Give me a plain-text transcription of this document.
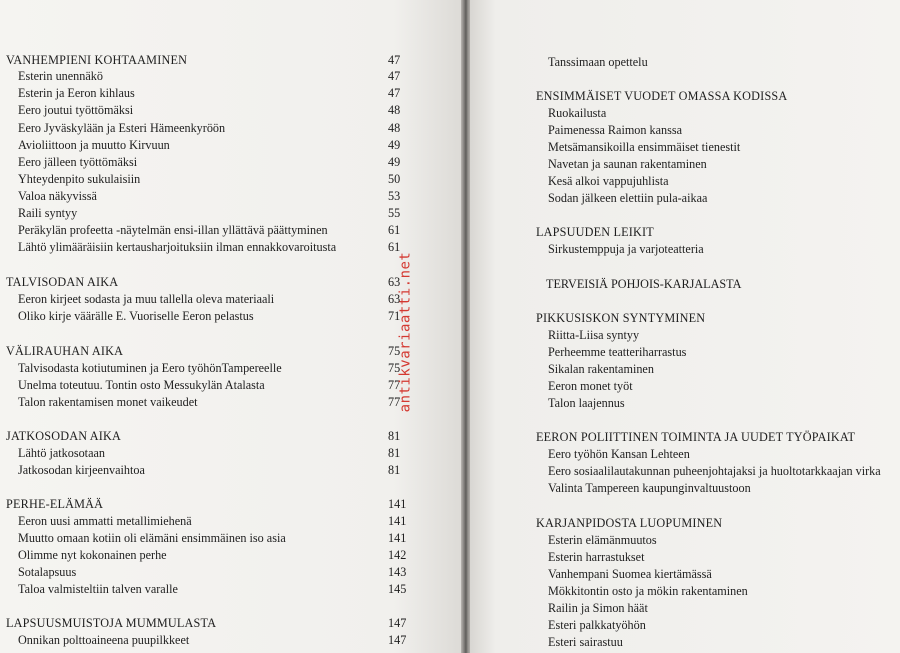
VANHEMPIENI KOHTAAMINEN	47
Esterin unennäkö	47
Esterin ja Eeron kihlaus	47
Eero joutui työttömäksi	48
Eero Jyväskylään ja Esteri Hämeenkyröön	48
Avioliittoon ja muutto Kirvuun	49
Eero jälleen työttömäksi	49
Yhteydenpito sukulaisiin	50
Valoa näkyvissä	53
Raili syntyy	55
Peräkylän profeetta -näytelmän ensi-illan yllättävä päättyminen	61
Lähtö ylimääräisiin kertausharjoituksiin ilman ennakkovaroitusta	61
TALVISODAN AIKA	63
Eeron kirjeet sodasta ja muu tallella oleva materiaali	63
Oliko kirje väärälle E. Vuoriselle Eeron pelastus	71
VÄLIRAUHAN AIKA	75
Talvisodasta kotiutuminen ja Eero työhönTampereelle	75
Unelma toteutuu. Tontin osto Messukylän Atalasta	77
Talon rakentamisen monet vaikeudet	77
JATKOSODAN AIKA	81
Lähtö jatkosotaan	81
Jatkosodan kirjeenvaihtoa	81
PERHE-ELÄMÄÄ	141
Eeron uusi ammatti metallimiehenä	141
Muutto omaan kotiin oli elämäni ensimmäinen iso asia	141
Olimme nyt kokonainen perhe	142
Sotalapsuus	143
Taloa valmisteltiin talven varalle	145
LAPSUUSMUISTOJA MUMMULASTA	147
Onnikan polttoaineena puupilkkeet	147
Tanssimaan opettelu
ENSIMMÄISET VUODET OMASSA KODISSA
Ruokailusta
Paimenessa Raimon kanssa
Metsämansikoilla ensimmäiset tienestit
Navetan ja saunan rakentaminen
Kesä alkoi vappujuhlista
Sodan jälkeen elettiin pula-aikaa
LAPSUUDEN LEIKIT
Sirkustemppuja ja varjoteatteria
TERVEISIÄ POHJOIS-KARJALASTA
PIKKUSISKON SYNTYMINEN
Riitta-Liisa syntyy
Perheemme teatteriharrastus
Sikalan rakentaminen
Eeron monet työt
Talon laajennus
EERON POLIITTINEN TOIMINTA JA UUDET TYÖPAIKAT
Eero työhön Kansan Lehteen
Eero sosiaalilautakunnan puheenjohtajaksi ja huoltotarkkaajan virka
Valinta Tampereen kaupunginvaltuustoon
KARJANPIDOSTA LUOPUMINEN
Esterin elämänmuutos
Esterin harrastukset
Vanhempani Suomea kiertämässä
Mökkitontin osto ja mökin rakentaminen
Railin ja Simon häät
Esteri palkkatyöhön
Esteri sairastuu
antikvariaatti.net
